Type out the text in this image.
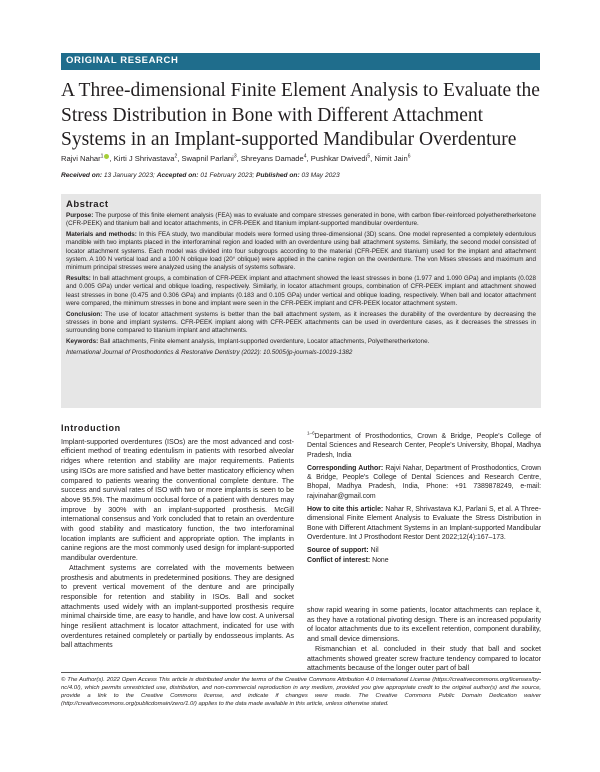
ORIGINAL RESEARCH
A Three-dimensional Finite Element Analysis to Evaluate the Stress Distribution in Bone with Different Attachment Systems in an Implant-supported Mandibular Overdenture
Rajvi Nahar$^1$ , Kirti J Shrivastava$^2$, Swapnil Parlani$^3$, Shreyans Damade$^4$, Pushkar Dwivedi$^5$, Nimit Jain$^6$
Received on: 13 January 2023; Accepted on: 01 February 2023; Published on: 03 May 2023
Abstract

Purpose: The purpose of this finite element analysis (FEA) was to evaluate and compare stresses generated in bone, with carbon fiber-reinforced polyetheretherketone (CFR-PEEK) and titanium ball and locator attachments, in CFR-PEEK and titanium implant-supported mandibular overdenture.

Materials and methods: In this FEA study, two mandibular models were formed using three-dimensional (3D) scans. One model represented a completely edentulous mandible with two implants placed in the interforaminal region and loaded with an overdenture using ball attachment systems. Similarly, the second model consisted of locator attachment systems. Each model was divided into four subgroups according to the material (CFR-PEEK and titanium) used for the implant and attachment system. A 100 N vertical load and a 100 N oblique load (20° oblique) were applied in the canine region on the overdenture. The von Mises stresses and maximum and minimum principal stresses were analyzed using the analysis of systems software.

Results: In ball attachment groups, a combination of CFR-PEEK implant and attachment showed the least stresses in bone (1.977 and 1.090 GPa) and implants (0.028 and 0.005 GPa) under vertical and oblique loading, respectively. Similarly, in locator attachment groups, combination of CFR-PEEK implant and attachment showed least stresses in bone (0.475 and 0.306 GPa) and implants (0.183 and 0.105 GPa) under vertical and oblique loading, respectively. When ball and locator attachment were compared, the minimum stresses in bone and implant were seen in the CFR-PEEK implant and CFR-PEEK locator attachment system.

Conclusion: The use of locator attachment systems is better than the ball attachment system, as it increases the durability of the overdenture by decreasing the stresses in bone and implant systems. CFR-PEEK implant along with CFR-PEEK attachments can be used in overdenture cases, as it decreases the stresses in surrounding bone compared to titanium implant and attachments.

Keywords: Ball attachments, Finite element analysis, Implant-supported overdenture, Locator attachments, Polyetheretherketone.

International Journal of Prosthodontics & Restorative Dentistry (2022): 10.5005/jp-journals-10019-1382

Introduction

Implant-supported overdentures (ISOs) are the most advanced and cost-efficient method of treating edentulism in patients with resorbed alveolar ridges where retention and stability are major requirements. Patients using ISOs are more satisfied and have better masticatory efficiency when compared to patients wearing the conventional complete denture. The success and survival rates of ISO with two or more implants is seen to be above 95.5%. The maximum occlusal force of a patient with dentures may improve by 300% with an implant-supported prosthesis. McGill international consensus and York concluded that to retain an overdenture with good stability and masticatory function, the two interforaminal location implants are sufficient and appropriate option. The implants in canine regions are the most commonly used design for implant-supported mandibular overdenture.

Attachment systems are correlated with the movements between prosthesis and abutments in predetermined positions. They are designed to prevent vertical movement of the denture and are principally responsible for retention and stability in ISOs. Ball and socket attachments used widely with an implant-supported prosthesis require minimal chairside time, are easy to handle, and have low cost. A universal hinge resilient attachment is locator attachment, indicated for use with overdentures retained completely or partially by endosseous implants. As ball attachments

$^{1-6}$Department of Prosthodontics, Crown & Bridge, People's College of Dental Sciences and Research Center, People's University, Bhopal, Madhya Pradesh, India

Corresponding Author: Rajvi Nahar, Department of Prosthodontics, Crown & Bridge, People's College of Dental Sciences and Research Centre, Bhopal, Madhya Pradesh, India, Phone: +91 7389878249, e-mail: rajvinahar@gmail.com

How to cite this article: Nahar R, Shrivastava KJ, Parlani S, et al. A Three-dimensional Finite Element Analysis to Evaluate the Stress Distribution in Bone with Different Attachment Systems in an Implant-supported Mandibular Overdenture. Int J Prosthodont Restor Dent 2022;12(4):167–173.

Source of support: Nil

Conflict of interest: None

show rapid wearing in some patients, locator attachments can replace it, as they have a rotational pivoting design. There is an increased popularity of locator attachments due to its excellent retention, component durability, and small device dimensions.

Rismanchian et al. concluded in their study that ball and socket attachments showed greater screw fracture tendency compared to locator attachments because of the longer outer part of ball

© The Author(s). 2022 Open Access This article is distributed under the terms of the Creative Commons Attribution 4.0 International License (https://creativecommons.org/licenses/by-nc/4.0/), which permits unrestricted use, distribution, and non-commercial reproduction in any medium, provided you give appropriate credit to the original author(s) and the source, provide a link to the Creative Commons license, and indicate if changes were made. The Creative Commons Public Domain Dedication waiver (http://creativecommons.org/publicdomain/zero/1.0/) applies to the data made available in this article, unless otherwise stated.
